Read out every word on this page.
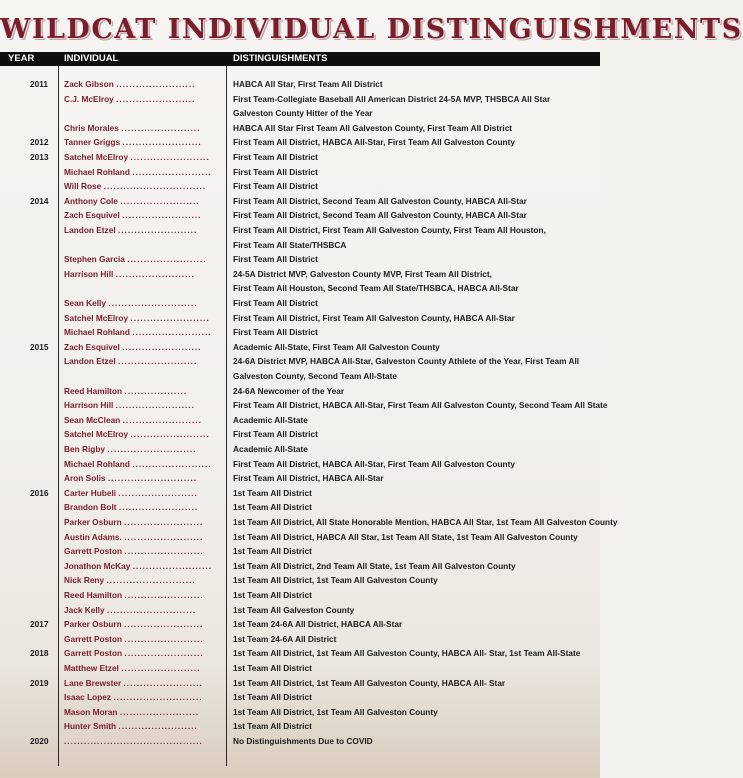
WILDCAT INDIVIDUAL DISTINGUISHMENTS
YEAR	INDIVIDUAL	DISTINGUISHMENTS
2011	Zack Gibson ........................	HABCA All Star, First Team All District
C.J. McElroy ........................	First Team-Collegiate Baseball All American District 24-5A MVP, THSBCA All Star
Galveston County Hitter of the Year
Chris Morales ........................	HABCA All Star First Team All Galveston County, First Team All District
2012	Tanner Griggs ........................	First Team All District, HABCA All-Star, First Team All Galveston County
2013	Satchel McElroy ........................	First Team All District
Michael Rohland ........................	First Team All District
Will Rose ...............................	First Team All District
2014	Anthony Cole ........................	First Team All District, Second Team All Galveston County, HABCA All-Star
Zach Esquivel ........................	First Team All District, Second Team All Galveston County, HABCA All-Star
Landon Etzel ........................	First Team All District, First Team All Galveston County, First Team All Houston,
First Team All State/THSBCA
Stephen Garcia ........................	First Team All District
Harrison Hill ........................	24-5A District MVP, Galveston County MVP, First Team All District,
First Team All Houston, Second Team All State/THSBCA, HABCA All-Star
Sean Kelly ...........................	First Team All District
Satchel McElroy ........................	First Team All District, First Team All Galveston County, HABCA All-Star
Michael Rohland ........................	First Team All District
2015	Zach Esquivel ........................	Academic All-State, First Team All Galveston County
Landon Etzel ........................	24-6A District MVP, HABCA All-Star, Galveston County Athlete of the Year, First Team All
Galveston County, Second Team All-State
Reed Hamilton ...................	24-6A Newcomer of the Year
Harrison Hill ........................	First Team All District, HABCA All-Star, First Team All Galveston County, Second Team All State
Sean McClean ........................	Academic All-State
Satchel McElroy ........................	First Team All District
Ben Rigby ...........................	Academic All-State
Michael Rohland ........................	First Team All District, HABCA All-Star, First Team All Galveston County
Aron Solis ...........................	First Team All District, HABCA All-Star
2016	Carter Hubeli ........................	1st Team All District
Brandon Bolt ........................	1st Team All District
Parker Osburn ........................	1st Team All District, All State Honorable Mention, HABCA All Star, 1st Team All Galveston County
Austin Adams. ........................	1st Team All District, HABCA All Star, 1st Team All State, 1st Team All Galveston County
Garrett Poston ........................	1st Team All District
Jonathon McKay ........................	1st Team All District, 2nd Team All State, 1st Team All Galveston County
Nick Reny ...........................	1st Team All District, 1st Team All Galveston County
Reed Hamilton ........................	1st Team All District
Jack Kelly ...........................	1st Team All Galveston County
2017	Parker Osburn ........................	1st Team 24-6A All District, HABCA All-Star
Garrett Poston ........................	1st Team 24-6A All District
2018	Garrett Poston ........................	1st Team All District, 1st Team All Galveston County, HABCA All- Star, 1st Team All-State
Matthew Etzel ........................	1st Team All District
2019	Lane Brewster ........................	1st Team All District, 1st Team All Galveston County, HABCA All- Star
Isaac Lopez ...........................	1st Team All District
Mason Moran ........................	1st Team All District, 1st Team All Galveston County
Hunter Smith ........................	1st Team All District
2020	..........................................	No Distinguishments Due to COVID
